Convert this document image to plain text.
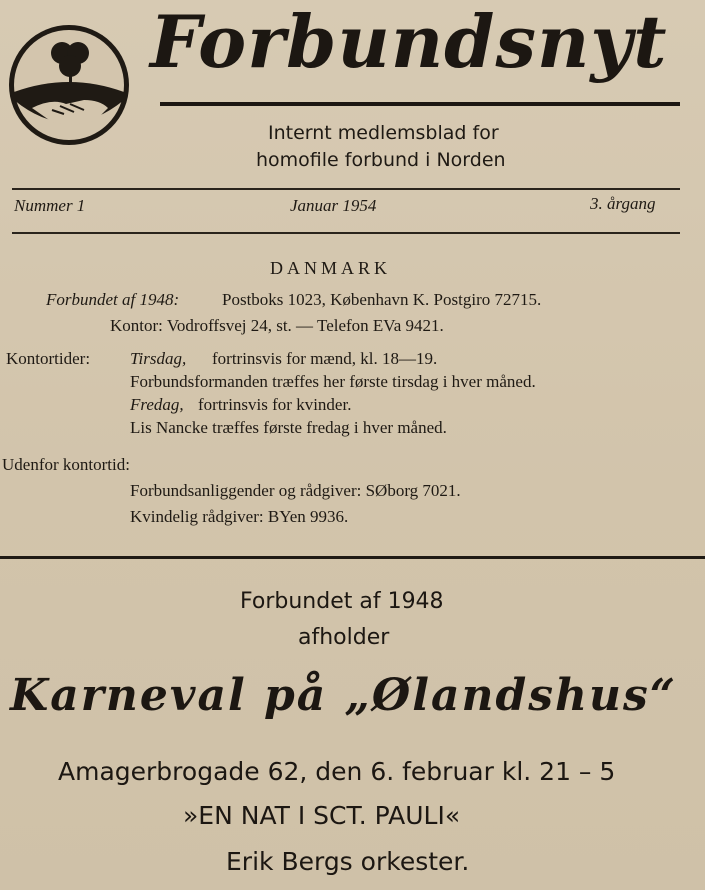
Forbundsnyt
Internt medlemsblad for
homofile forbund i Norden
Nummer 1	Januar 1954	3. årgang
DANMARK
Forbundet af 1948:	Postboks 1023, København K. Postgiro 72715.
Kontor: Vodroffsvej 24, st. — Telefon EVa 9421.
Kontortider: Tirsdag, fortrinsvis for mænd, kl. 18—19.
Forbundsformanden træffes her første tirsdag i hver måned.
Fredag, fortrinsvis for kvinder.
Lis Nancke træffes første fredag i hver måned.
Udenfor kontortid:
Forbundsanliggender og rådgiver: SØborg 7021.
Kvindelig rådgiver: BYen 9936.
Forbundet af 1948
afholder
Karneval på „Ølandshus“
Amagerbrogade 62, den 6. februar kl. 21 – 5
»EN NAT I SCT. PAULI«
Erik Bergs orkester.
